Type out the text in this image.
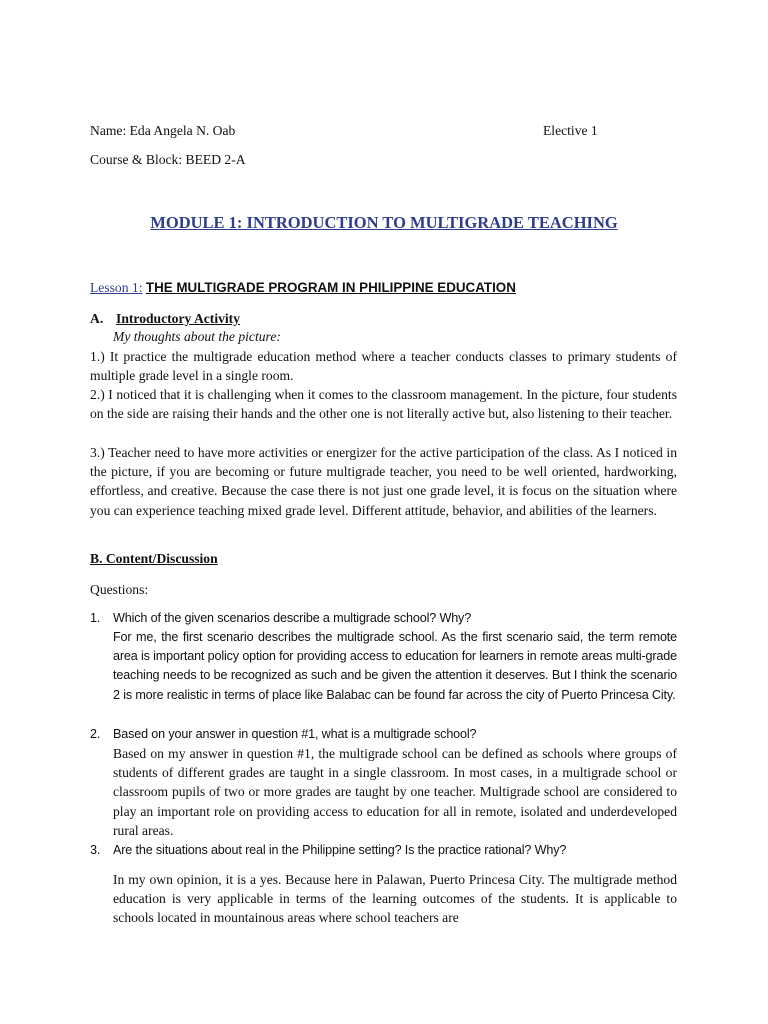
Name: Eda Angela N. Oab	Elective 1
Course & Block: BEED 2-A
MODULE 1: INTRODUCTION TO MULTIGRADE TEACHING
Lesson 1: THE MULTIGRADE PROGRAM IN PHILIPPINE EDUCATION
A. Introductory Activity
My thoughts about the picture:
1.) It practice the multigrade education method where a teacher conducts classes to primary students of multiple grade level in a single room.
2.) I noticed that it is challenging when it comes to the classroom management. In the picture, four students on the side are raising their hands and the other one is not literally active but, also listening to their teacher.
3.) Teacher need to have more activities or energizer for the active participation of the class. As I noticed in the picture, if you are becoming or future multigrade teacher, you need to be well oriented, hardworking, effortless, and creative. Because the case there is not just one grade level, it is focus on the situation where you can experience teaching mixed grade level. Different attitude, behavior, and abilities of the learners.
B. Content/Discussion
Questions:
1. Which of the given scenarios describe a multigrade school? Why?
For me, the first scenario describes the multigrade school. As the first scenario said, the term remote area is important policy option for providing access to education for learners in remote areas multi-grade teaching needs to be recognized as such and be given the attention it deserves. But I think the scenario 2 is more realistic in terms of place like Balabac can be found far across the city of Puerto Princesa City.
2. Based on your answer in question #1, what is a multigrade school?
Based on my answer in question #1, the multigrade school can be defined as schools where groups of students of different grades are taught in a single classroom. In most cases, in a multigrade school or classroom pupils of two or more grades are taught by one teacher. Multigrade school are considered to play an important role on providing access to education for all in remote, isolated and underdeveloped rural areas.
3. Are the situations about real in the Philippine setting? Is the practice rational? Why?
In my own opinion, it is a yes. Because here in Palawan, Puerto Princesa City. The multigrade method education is very applicable in terms of the learning outcomes of the students. It is applicable to schools located in mountainous areas where school teachers are
